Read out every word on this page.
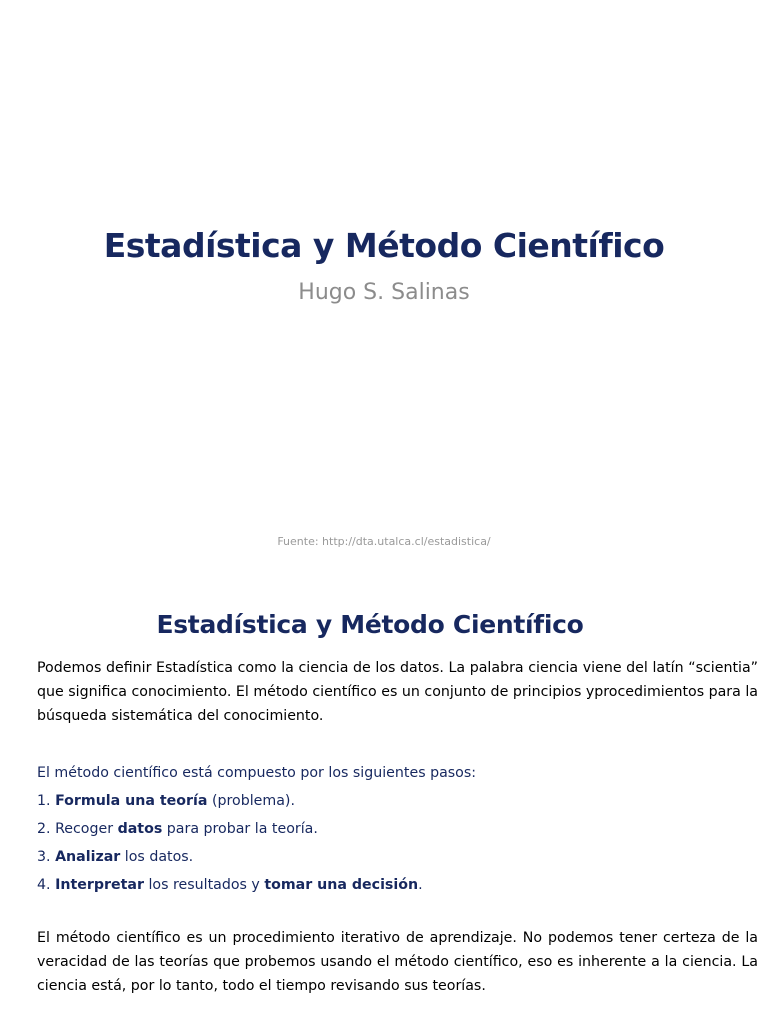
Estadística y Método Científico
Hugo S. Salinas
Fuente: http://dta.utalca.cl/estadistica/
Estadística y Método Científico
Podemos definir Estadística como la ciencia de los datos. La palabra ciencia viene del latín “scientia” que significa conocimiento. El método científico es un conjunto de principios yprocedimientos para la búsqueda sistemática del conocimiento.
El método científico está compuesto por los siguientes pasos:
1. Formula una teoría (problema).
2. Recoger datos para probar la teoría.
3. Analizar los datos.
4. Interpretar los resultados y tomar una decisión.
El método científico es un procedimiento iterativo de aprendizaje. No podemos tener certeza de la veracidad de las teorías que probemos usando el método científico, eso es inherente a la ciencia. La ciencia está, por lo tanto, todo el tiempo revisando sus teorías.
